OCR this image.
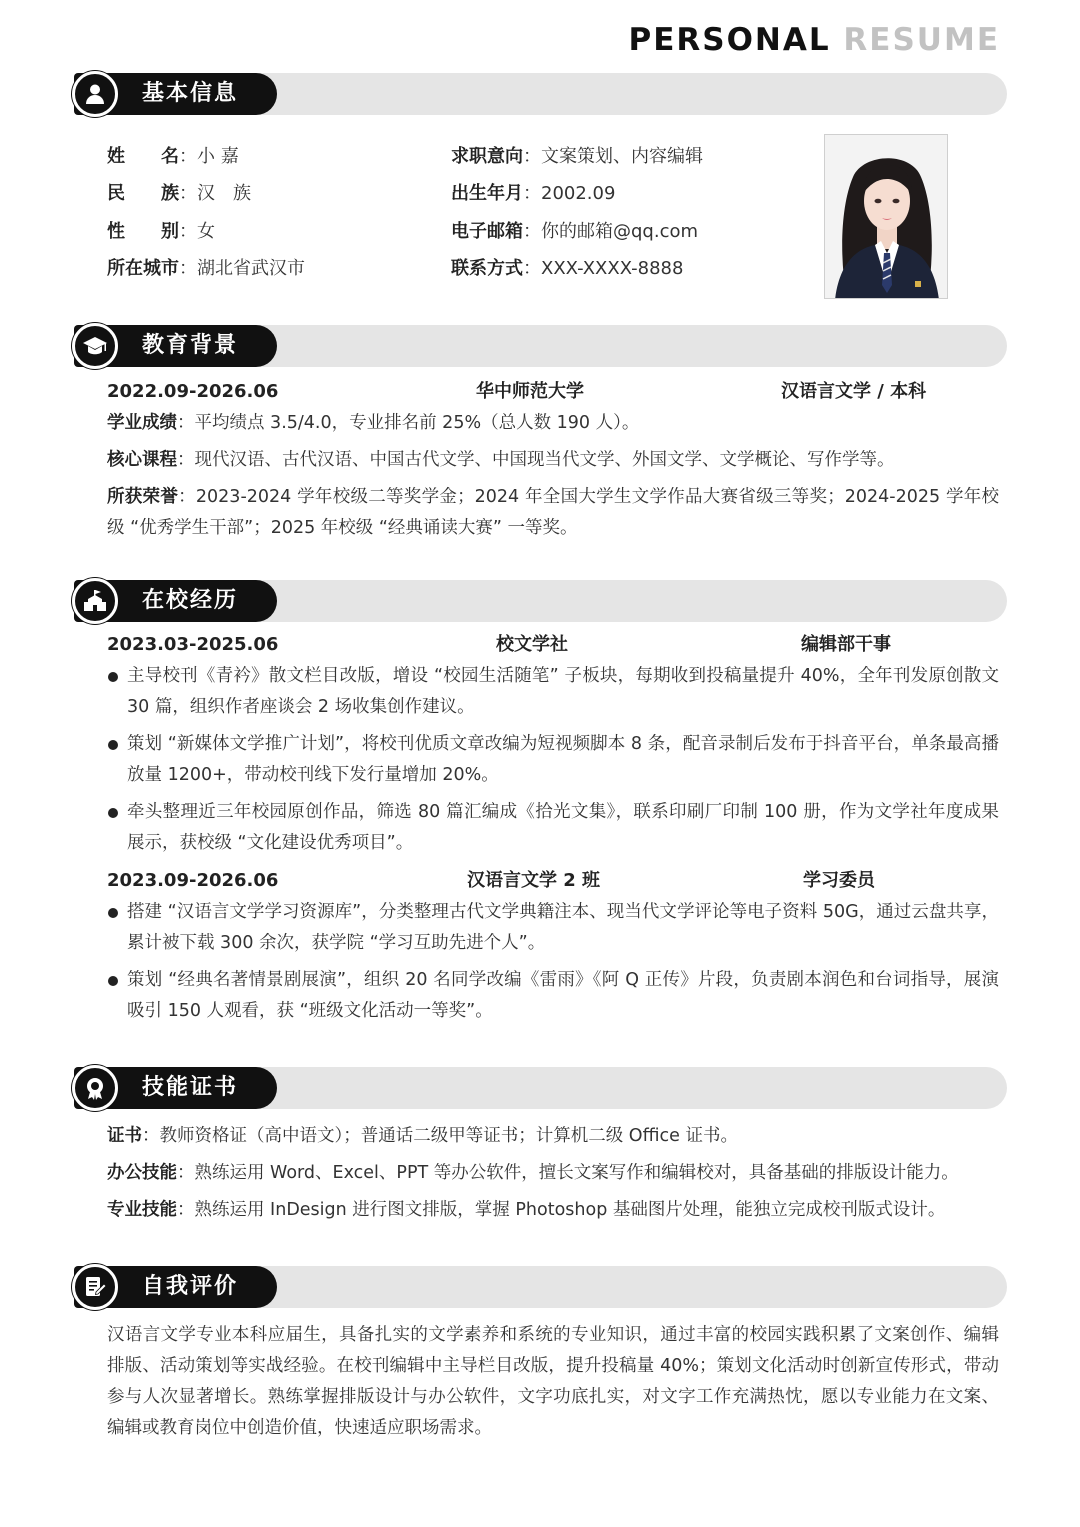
PERSONAL RESUME
基本信息
姓名：小 嘉
民族：汉　族
性别：女
所在城市：湖北省武汉市
求职意向：文案策划、内容编辑
出生年月：2002.09
电子邮箱：你的邮箱@qq.com
联系方式：XXX-XXXX-8888
教育背景
2022.09-2026.06	华中师范大学	汉语言文学 / 本科
学业成绩：平均绩点 3.5/4.0，专业排名前 25%（总人数 190 人）。
核心课程：现代汉语、古代汉语、中国古代文学、中国现当代文学、外国文学、文学概论、写作学等。
所获荣誉：2023-2024 学年校级二等奖学金；2024 年全国大学生文学作品大赛省级三等奖；2024-2025 学年校级 “优秀学生干部”；2025 年校级 “经典诵读大赛” 一等奖。
在校经历
2023.03-2025.06	校文学社	编辑部干事
主导校刊《青衿》散文栏目改版，增设 “校园生活随笔” 子板块，每期收到投稿量提升 40%，全年刊发原创散文 30 篇，组织作者座谈会 2 场收集创作建议。
策划 “新媒体文学推广计划”，将校刊优质文章改编为短视频脚本 8 条，配音录制后发布于抖音平台，单条最高播放量 1200+，带动校刊线下发行量增加 20%。
牵头整理近三年校园原创作品，筛选 80 篇汇编成《拾光文集》，联系印刷厂印制 100 册，作为文学社年度成果展示，获校级 “文化建设优秀项目”。
2023.09-2026.06	汉语言文学 2 班	学习委员
搭建 “汉语言文学学习资源库”，分类整理古代文学典籍注本、现当代文学评论等电子资料 50G，通过云盘共享，累计被下载 300 余次，获学院 “学习互助先进个人”。
策划 “经典名著情景剧展演”，组织 20 名同学改编《雷雨》《阿 Q 正传》片段，负责剧本润色和台词指导，展演吸引 150 人观看，获 “班级文化活动一等奖”。
技能证书
证书：教师资格证（高中语文）；普通话二级甲等证书；计算机二级 Office 证书。
办公技能：熟练运用 Word、Excel、PPT 等办公软件，擅长文案写作和编辑校对，具备基础的排版设计能力。
专业技能：熟练运用 InDesign 进行图文排版，掌握 Photoshop 基础图片处理，能独立完成校刊版式设计。
自我评价
汉语言文学专业本科应届生，具备扎实的文学素养和系统的专业知识，通过丰富的校园实践积累了文案创作、编辑排版、活动策划等实战经验。在校刊编辑中主导栏目改版，提升投稿量 40%；策划文化活动时创新宣传形式，带动参与人次显著增长。熟练掌握排版设计与办公软件，文字功底扎实，对文字工作充满热忱，愿以专业能力在文案、编辑或教育岗位中创造价值，快速适应职场需求。
